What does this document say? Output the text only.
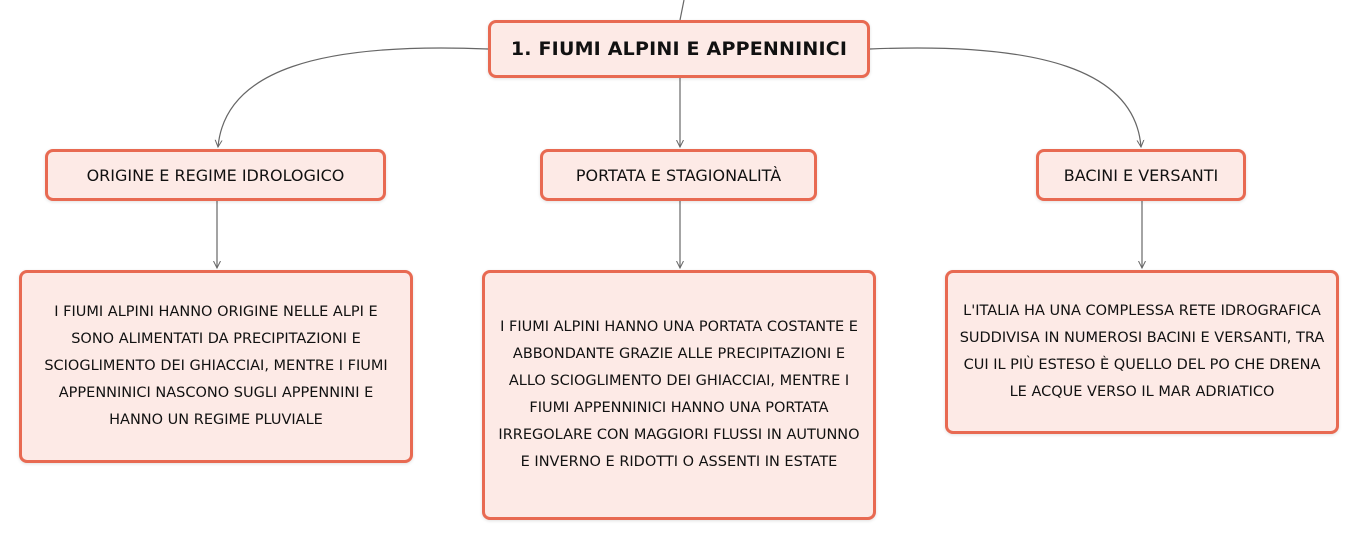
1. FIUMI ALPINI E APPENNINICI
ORIGINE E REGIME IDROLOGICO	PORTATA E STAGIONALITÀ	BACINI E VERSANTI
I FIUMI ALPINI HANNO ORIGINE NELLE ALPI E SONO ALIMENTATI DA PRECIPITAZIONI E SCIOGLIMENTO DEI GHIACCIAI, MENTRE I FIUMI APPENNINICI NASCONO SUGLI APPENNINI E HANNO UN REGIME PLUVIALE
I FIUMI ALPINI HANNO UNA PORTATA COSTANTE E ABBONDANTE GRAZIE ALLE PRECIPITAZIONI E ALLO SCIOGLIMENTO DEI GHIACCIAI, MENTRE I FIUMI APPENNINICI HANNO UNA PORTATA IRREGOLARE CON MAGGIORI FLUSSI IN AUTUNNO E INVERNO E RIDOTTI O ASSENTI IN ESTATE
L'ITALIA HA UNA COMPLESSA RETE IDROGRAFICA SUDDIVISA IN NUMEROSI BACINI E VERSANTI, TRA CUI IL PIÙ ESTESO È QUELLO DEL PO CHE DRENA LE ACQUE VERSO IL MAR ADRIATICO
